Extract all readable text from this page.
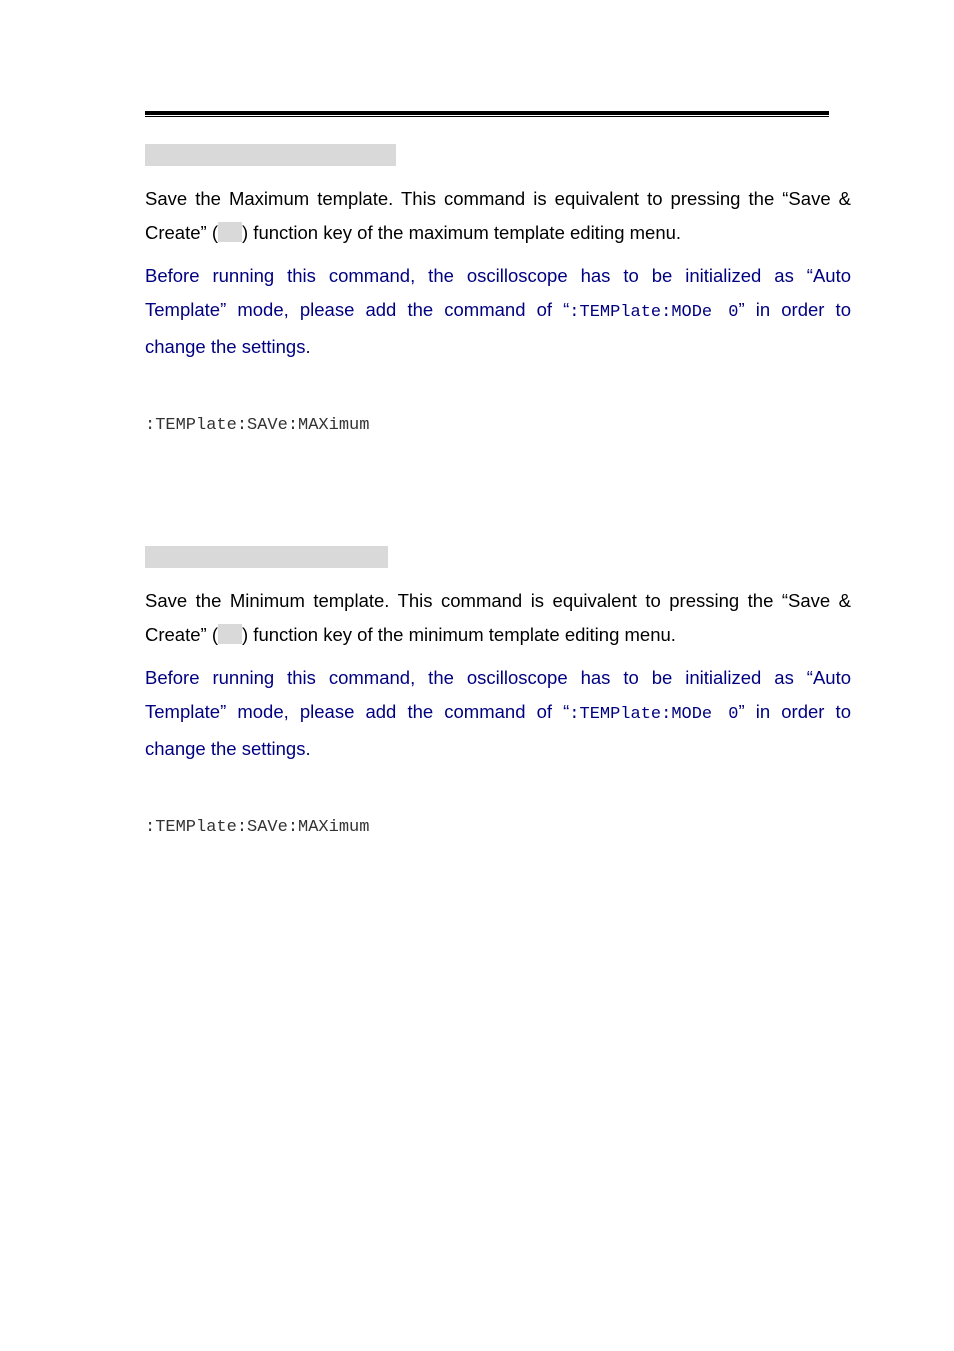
Save the Maximum template. This command is equivalent to pressing the “Save & Create” ( ) function key of the maximum template editing menu.

Before running this command, the oscilloscope has to be initialized as “Auto Template” mode, please add the command of “:TEMPlate:MODe 0” in order to change the settings.

:TEMPlate:SAVe:MAXimum

Save the Minimum template. This command is equivalent to pressing the “Save & Create” ( ) function key of the minimum template editing menu.

Before running this command, the oscilloscope has to be initialized as “Auto Template” mode, please add the command of “:TEMPlate:MODe 0” in order to change the settings.

:TEMPlate:SAVe:MAXimum
